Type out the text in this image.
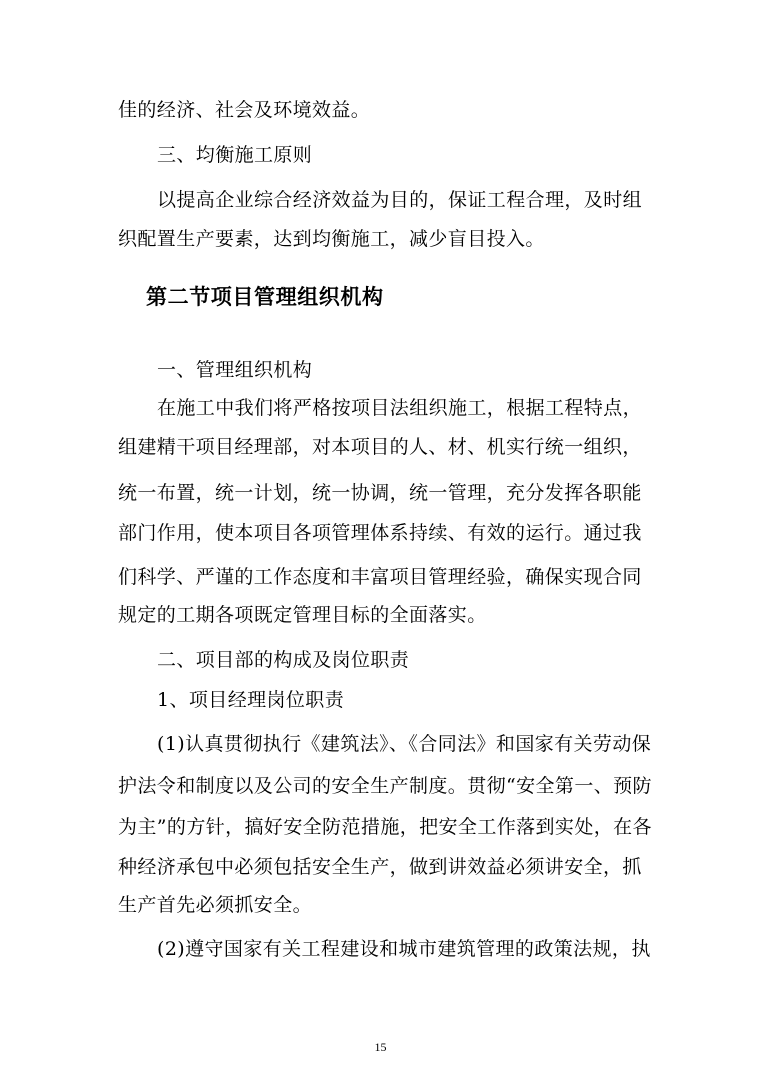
佳的经济、社会及环境效益。
三、均衡施工原则
以提高企业综合经济效益为目的，保证工程合理，及时组
织配置生产要素，达到均衡施工，减少盲目投入。
第二节项目管理组织机构
一、管理组织机构
在施工中我们将严格按项目法组织施工，根据工程特点，
组建精干项目经理部，对本项目的人、材、机实行统一组织，
统一布置，统一计划，统一协调，统一管理，充分发挥各职能
部门作用，使本项目各项管理体系持续、有效的运行。通过我
们科学、严谨的工作态度和丰富项目管理经验，确保实现合同
规定的工期各项既定管理目标的全面落实。
二、项目部的构成及岗位职责
1、项目经理岗位职责
(1)认真贯彻执行《建筑法》、《合同法》和国家有关劳动保
护法令和制度以及公司的安全生产制度。贯彻“安全第一、预防
为主”的方针，搞好安全防范措施，把安全工作落到实处，在各
种经济承包中必须包括安全生产，做到讲效益必须讲安全，抓
生产首先必须抓安全。
(2)遵守国家有关工程建设和城市建筑管理的政策法规，执
15
